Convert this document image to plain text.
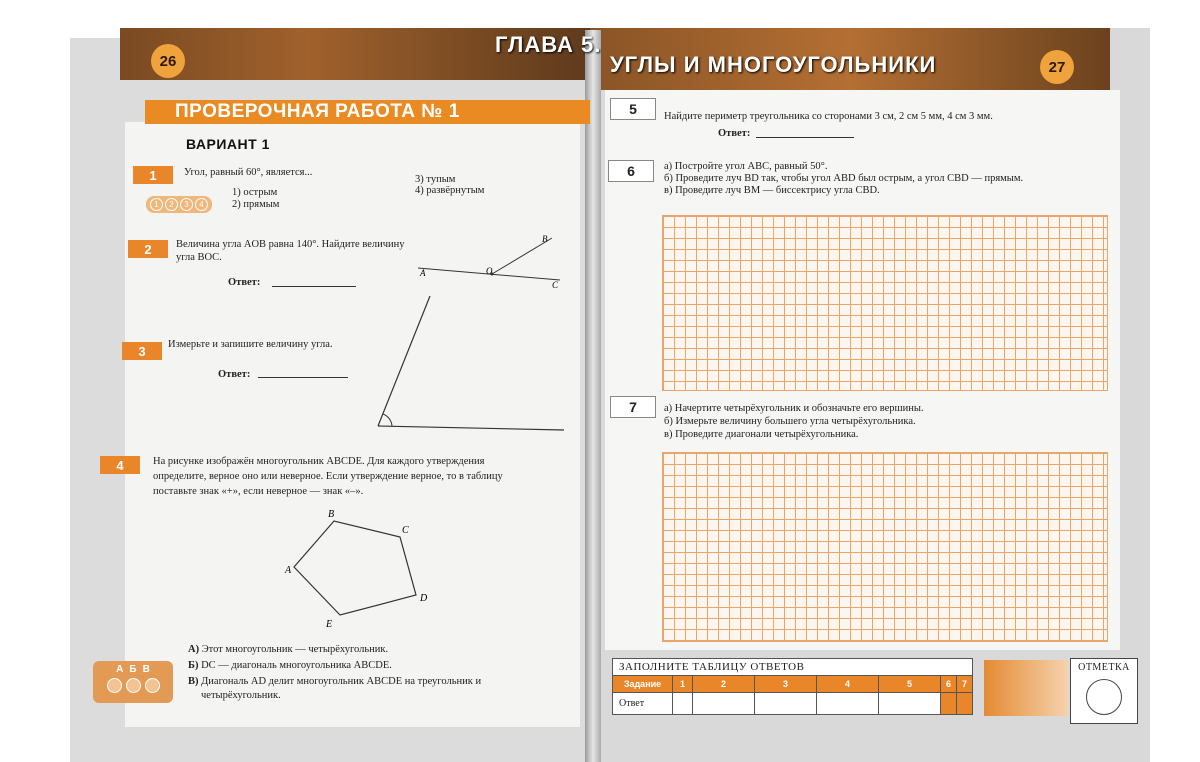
26
ГЛАВА 5.
УГЛЫ И МНОГОУГОЛЬНИКИ	27
ПРОВЕРОЧНАЯ РАБОТА № 1
ВАРИАНТ 1
1	Угол, равный 60°, является...
1) острым
2) прямым
3) тупым
4) развёрнутым
1	2	3	4
2	Величина угла AOB равна 140°. Найдите величину
угла BOC.
Ответ:
A	O
B
C
3	Измерьте и запишите величину угла.
Ответ:
4	На рисунке изображён многоугольник ABCDE. Для каждого утверждения
определите, верное оно или неверное. Если утверждение верное, то в таблицу
поставьте знак «+», если неверное — знак «–».
A
B
C
D
E
А) Этот многоугольник — четырёхугольник.
Б) DC — диагональ многоугольника ABCDE.
В) Диагональ AD делит многоугольник ABCDE на треугольник и
четырёхугольник.
А Б В
5	Найдите периметр треугольника со сторонами 3 см, 2 см 5 мм, 4 см 3 мм.
Ответ:
6	а) Постройте угол ABC, равный 50°.
б) Проведите луч BD так, чтобы угол ABD был острым, а угол CBD — прямым.
в) Проведите луч BM — биссектрису угла CBD.
7	а) Начертите четырёхугольник и обозначьте его вершины.
б) Измерьте величину большего угла четырёхугольника.
в) Проведите диагонали четырёхугольника.
ЗАПОЛНИТЕ ТАБЛИЦУ ОТВЕТОВ							
Задание	1	2	3	4	5	6	7
Ответ							
ОТМЕТКА
